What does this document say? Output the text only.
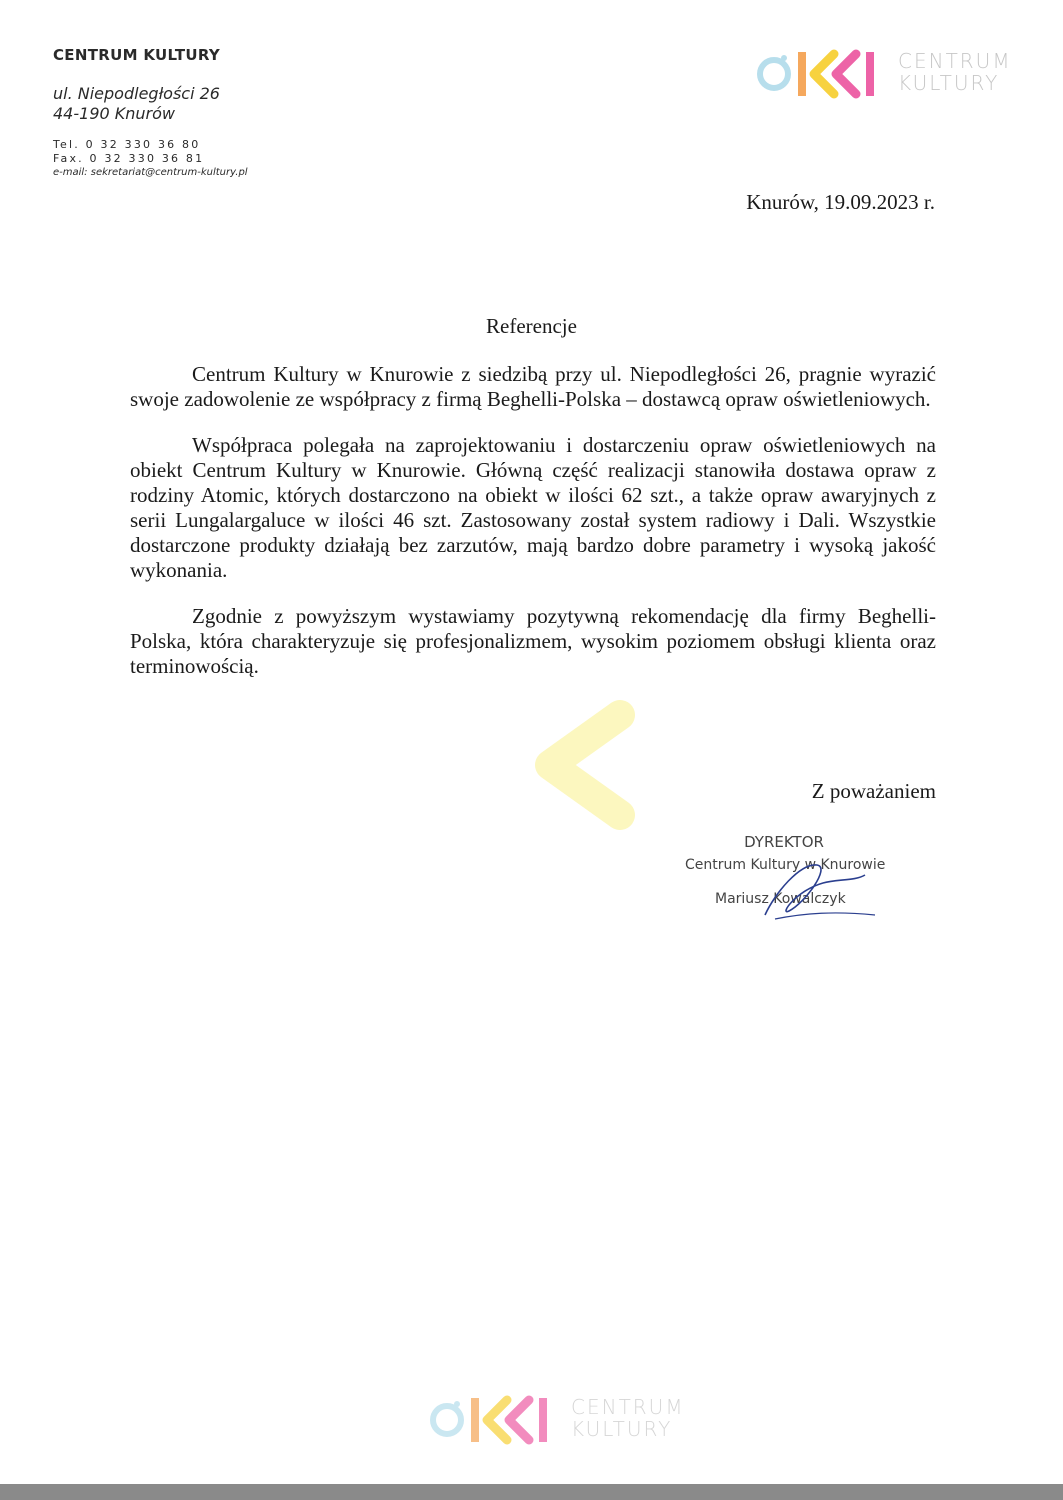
CENTRUM KULTURY
ul. Niepodległości 26
44-190 Knurów
Tel. 0 32 330 36 80
Fax. 0 32 330 36 81
e-mail: sekretariat@centrum-kultury.pl
CENTRUM
KULTURY
Knurów, 19.09.2023 r.
Referencje

Centrum Kultury w Knurowie z siedzibą przy ul. Niepodległości 26, pragnie wyrazić swoje zadowolenie ze współpracy z firmą Beghelli-Polska – dostawcą opraw oświetleniowych.

Współpraca polegała na zaprojektowaniu i dostarczeniu opraw oświetleniowych na obiekt Centrum Kultury w Knurowie. Główną część realizacji stanowiła dostawa opraw z rodziny Atomic, których dostarczono na obiekt w ilości 62 szt., a także opraw awaryjnych z serii Lungalargaluce w ilości 46 szt. Zastosowany został system radiowy i Dali. Wszystkie dostarczone produkty działają bez zarzutów, mają bardzo dobre parametry i wysoką jakość wykonania.

Zgodnie z powyższym wystawiamy pozytywną rekomendację dla firmy Beghelli-Polska, która charakteryzuje się profesjonalizmem, wysokim poziomem obsługi klienta oraz terminowością.

Z poważaniem
DYREKTOR
Centrum Kultury w Knurowie
Mariusz Kowalczyk
CENTRUM
KULTURY
